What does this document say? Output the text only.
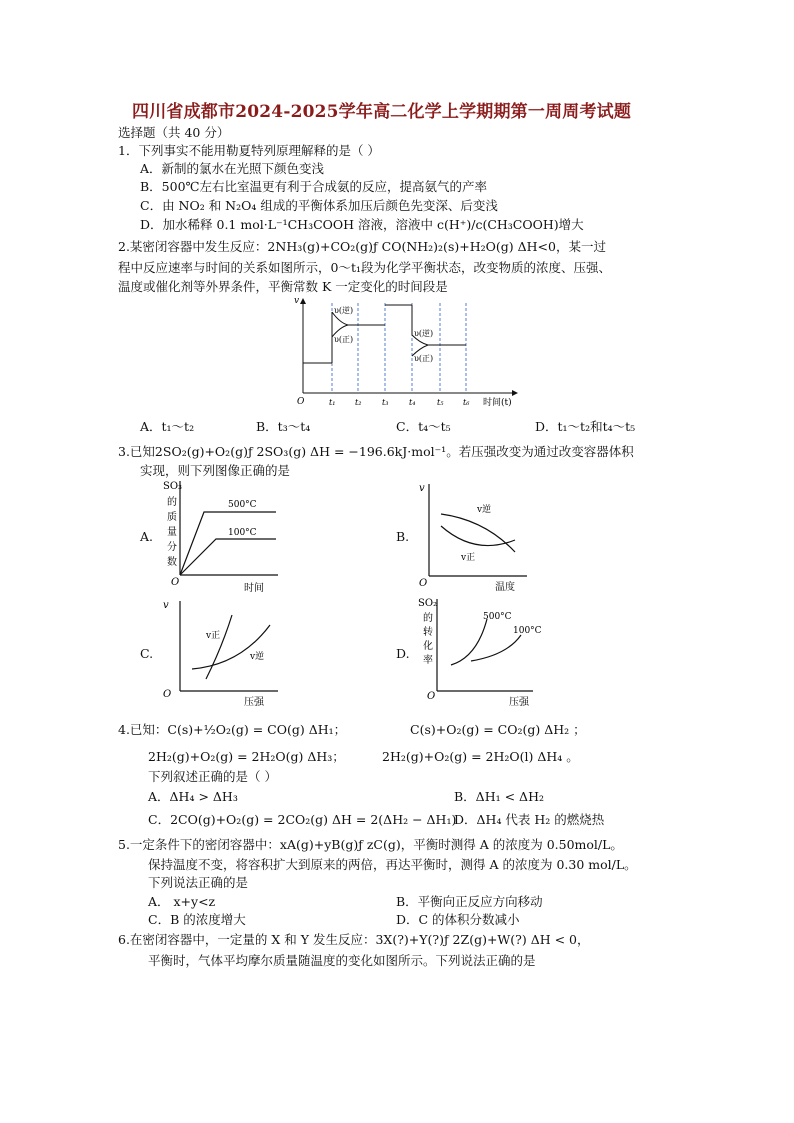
四川省成都市2024-2025学年高二化学上学期期第一周周考试题
选择题（共 40 分）
1．下列事实不能用勒夏特列原理解释的是（ ）
A．新制的氯水在光照下颜色变浅
B．500℃左右比室温更有利于合成氨的反应，提高氨气的产率
C．由 NO₂ 和 N₂O₄ 组成的平衡体系加压后颜色先变深、后变浅
D．加水稀释 0.1 mol·L⁻¹CH₃COOH 溶液，溶液中 c(H⁺)/c(CH₃COOH)增大
2.某密闭容器中发生反应：2NH₃(g)+CO₂(g)ƒ CO(NH₂)₂(s)+H₂O(g) ΔH<0，某一过
程中反应速率与时间的关系如图所示，0～t₁段为化学平衡状态，改变物质的浓度、压强、
温度或催化剂等外界条件，平衡常数 K 一定变化的时间段是
v
O	时间(t)
υ(逆)
υ(正)
υ(逆)
υ(正)
t₁ t₂	t₃	t₄	t₅ t₆
A．t₁～t₂	B．t₃～t₄	C．t₄～t₅	D．t₁～t₂和t₄～t₅
3.已知2SO₂(g)+O₂(g)ƒ 2SO₃(g) ΔH = −196.6kJ·mol⁻¹。若压强改变为通过改变容器体积
实现，则下列图像正确的是
A.
SO₃
的
质
量
分
数
O
时间
500°C
100°C	B.
v
O	温度
v逆
v正
C.
v
O
压强
v正
v逆	D.
SO₂
的
转
化
率
O
压强
500°C
100°C
4.已知：C(s)+½O₂(g) = CO(g) ΔH₁；	C(s)+O₂(g) = CO₂(g) ΔH₂ ；
2H₂(g)+O₂(g) = 2H₂O(g) ΔH₃；	2H₂(g)+O₂(g) = 2H₂O(l) ΔH₄ 。
下列叙述正确的是（ ）
A．ΔH₄ > ΔH₃	B．ΔH₁ < ΔH₂
C．2CO(g)+O₂(g) = 2CO₂(g) ΔH = 2(ΔH₂ − ΔH₁)
D．ΔH₄ 代表 H₂ 的燃烧热
5.一定条件下的密闭容器中：xA(g)+yB(g)ƒ zC(g)，平衡时测得 A 的浓度为 0.50mol/L。
保持温度不变，将容积扩大到原来的两倍，再达平衡时，测得 A 的浓度为 0.30 mol/L。
下列说法正确的是
A． x+y<z	B．平衡向正反应方向移动
C．B 的浓度增大	D．C 的体积分数减小
6.在密闭容器中，一定量的 X 和 Y 发生反应：3X(?)+Y(?)ƒ 2Z(g)+W(?) ΔH < 0，
平衡时，气体平均摩尔质量随温度的变化如图所示。下列说法正确的是
